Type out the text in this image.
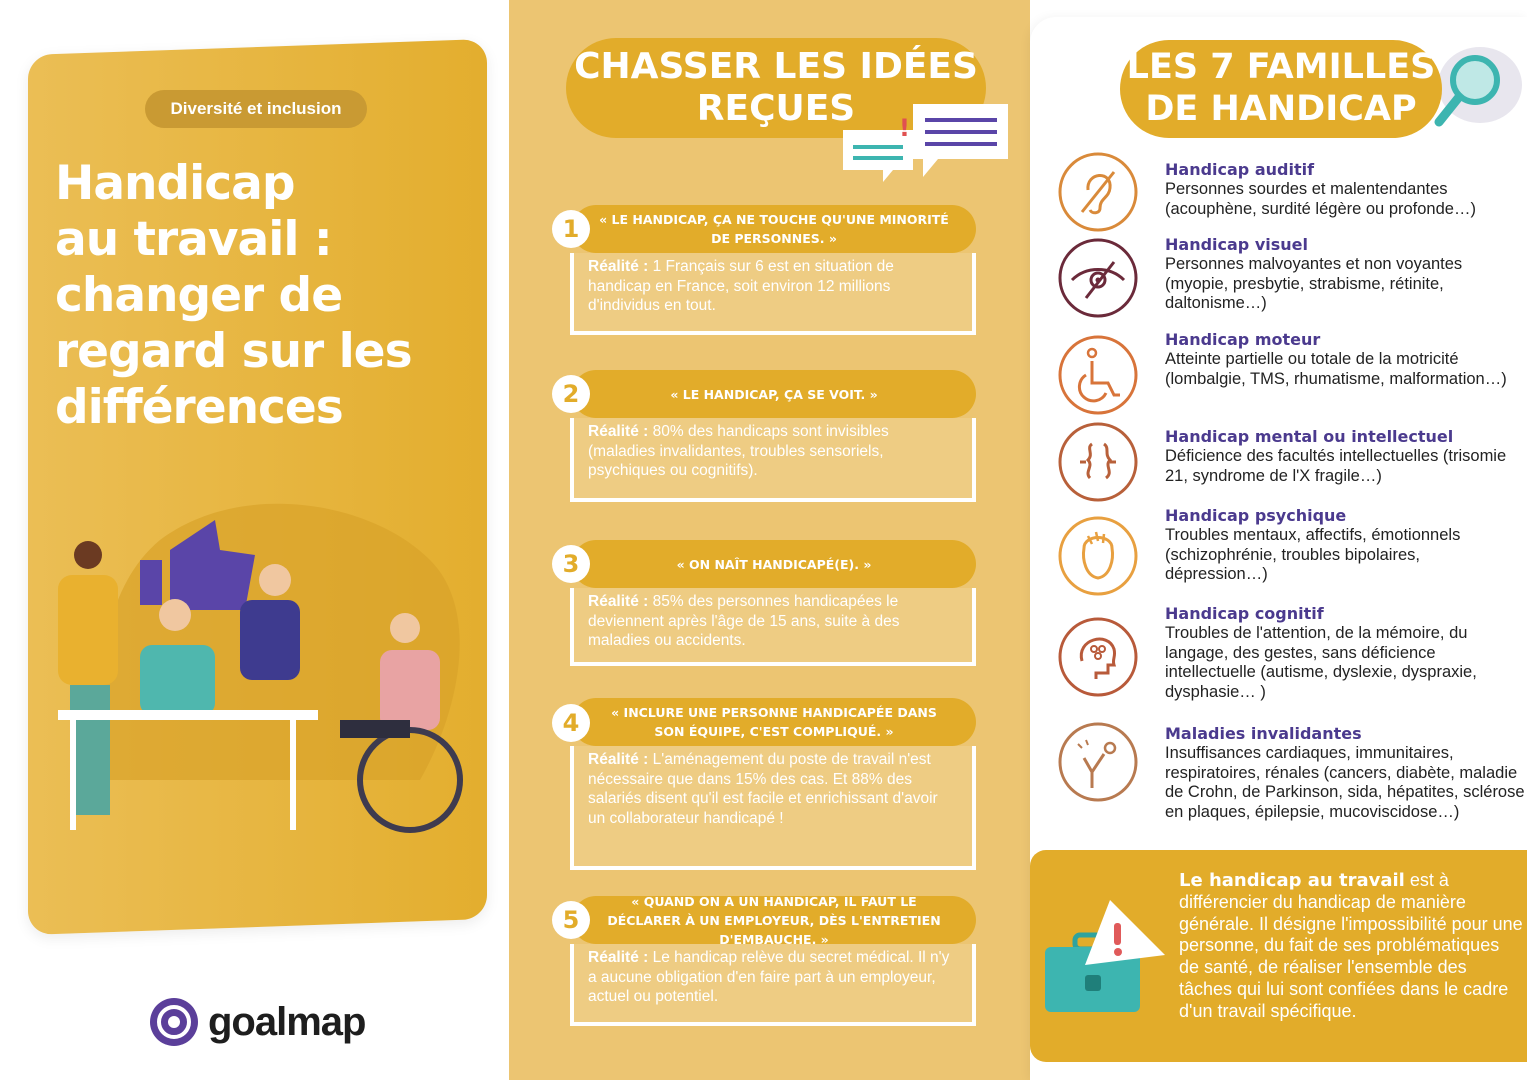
Diversité et inclusion
Handicap
au travail :
changer de
regard sur les
différences
goalmap
CHASSER LES IDÉES REÇUES	!
1	« LE HANDICAP, ÇA NE TOUCHE QU'UNE MINORITÉ DE PERSONNES. »
Réalité : 1 Français sur 6 est en situation de handicap en France, soit environ 12 millions d'individus en tout.
2	« LE HANDICAP, ÇA SE VOIT. »
Réalité : 80% des handicaps sont invisibles (maladies invalidantes, troubles sensoriels, psychiques ou cognitifs).
3	« ON NAÎT HANDICAPÉ(E). »
Réalité : 85% des personnes handicapées le deviennent après l'âge de 15 ans, suite à des maladies ou accidents.
4	« INCLURE UNE PERSONNE HANDICAPÉE DANS SON ÉQUIPE, C'EST COMPLIQUÉ. »
Réalité : L'aménagement du poste de travail n'est nécessaire que dans 15% des cas. Et 88% des salariés disent qu'il est facile et enrichissant d'avoir un collaborateur handicapé !
5
« QUAND ON A UN HANDICAP, IL FAUT LE DÉCLARER À UN EMPLOYEUR, DÈS L'ENTRETIEN D'EMBAUCHE. »
Réalité : Le handicap relève du secret médical. Il n'y a aucune obligation d'en faire part à un employeur, actuel ou potentiel.
LES 7 FAMILLES DE HANDICAP
Handicap auditif
Personnes sourdes et malentendantes (acouphène, surdité légère ou profonde…)
Handicap visuel
Personnes malvoyantes et non voyantes (myopie, presbytie, strabisme, rétinite, daltonisme…)
Handicap moteur
Atteinte partielle ou totale de la motricité (lombalgie, TMS, rhumatisme, malformation…)
Handicap mental ou intellectuel
Déficience des facultés intellectuelles (trisomie 21, syndrome de l'X fragile…)
Handicap psychique
Troubles mentaux, affectifs, émotionnels (schizophrénie, troubles bipolaires, dépression…)
Handicap cognitif
Troubles de l'attention, de la mémoire, du langage, des gestes, sans déficience intellectuelle (autisme, dyslexie, dyspraxie, dysphasie… )
Maladies invalidantes
Insuffisances cardiaques, immunitaires, respiratoires, rénales (cancers, diabète, maladie de Crohn, de Parkinson, sida, hépatites, sclérose en plaques, épilepsie, mucoviscidose…)
Le handicap au travail est à différencier du handicap de manière générale. Il désigne l'impossibilité pour une personne, du fait de ses problématiques de santé, de réaliser l'ensemble des tâches qui lui sont confiées dans le cadre d'un travail spécifique.
